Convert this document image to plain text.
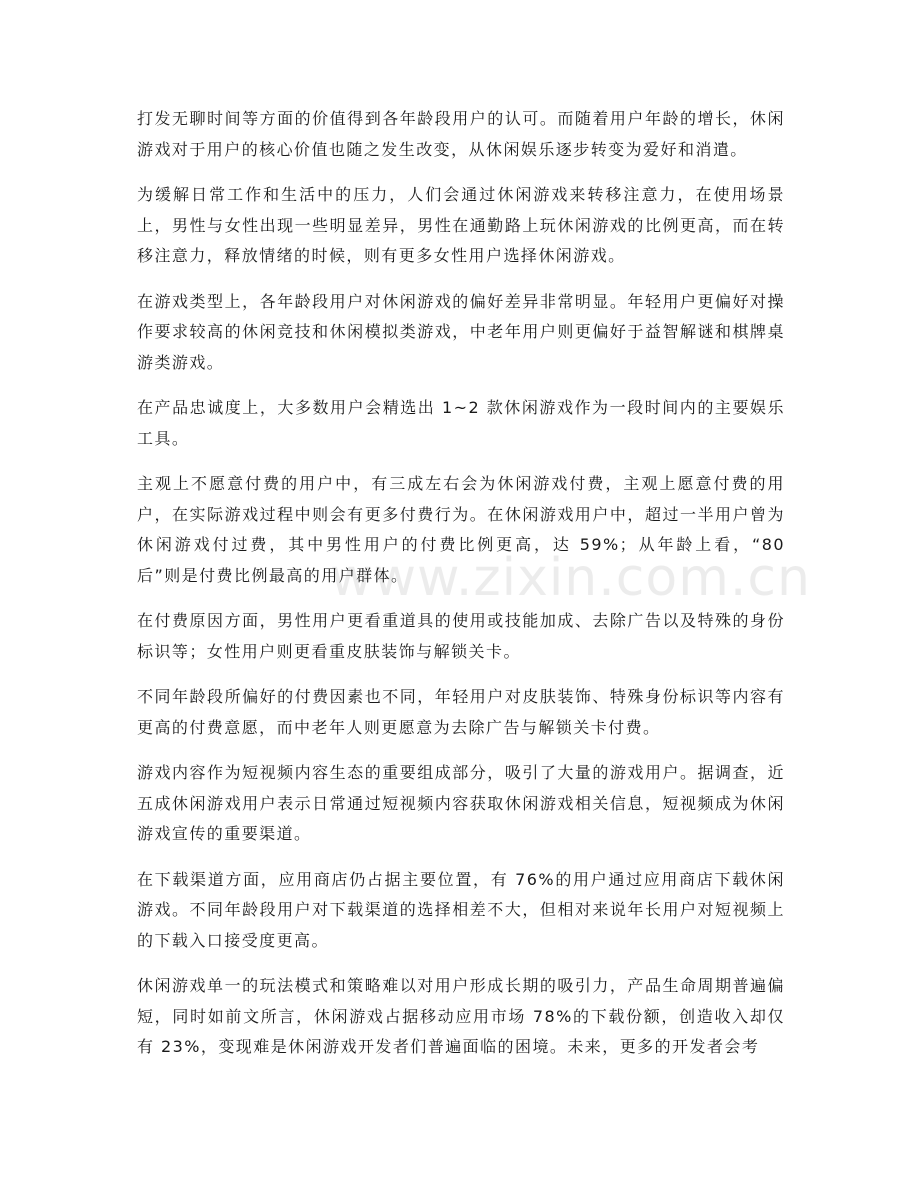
www.zixin.com.cn

打发无聊时间等方面的价值得到各年龄段用户的认可。而随着用户年龄的增长，休闲游戏对于用户的核心价值也随之发生改变，从休闲娱乐逐步转变为爱好和消遣。

为缓解日常工作和生活中的压力，人们会通过休闲游戏来转移注意力，在使用场景上，男性与女性出现一些明显差异，男性在通勤路上玩休闲游戏的比例更高，而在转移注意力，释放情绪的时候，则有更多女性用户选择休闲游戏。

在游戏类型上，各年龄段用户对休闲游戏的偏好差异非常明显。年轻用户更偏好对操作要求较高的休闲竞技和休闲模拟类游戏，中老年用户则更偏好于益智解谜和棋牌桌游类游戏。

在产品忠诚度上，大多数用户会精选出 1~2 款休闲游戏作为一段时间内的主要娱乐工具。

主观上不愿意付费的用户中，有三成左右会为休闲游戏付费，主观上愿意付费的用户，在实际游戏过程中则会有更多付费行为。在休闲游戏用户中，超过一半用户曾为休闲游戏付过费，其中男性用户的付费比例更高，达 59%；从年龄上看，“80 后”则是付费比例最高的用户群体。

在付费原因方面，男性用户更看重道具的使用或技能加成、去除广告以及特殊的身份标识等；女性用户则更看重皮肤装饰与解锁关卡。

不同年龄段所偏好的付费因素也不同，年轻用户对皮肤装饰、特殊身份标识等内容有更高的付费意愿，而中老年人则更愿意为去除广告与解锁关卡付费。

游戏内容作为短视频内容生态的重要组成部分，吸引了大量的游戏用户。据调查，近五成休闲游戏用户表示日常通过短视频内容获取休闲游戏相关信息，短视频成为休闲游戏宣传的重要渠道。

在下载渠道方面，应用商店仍占据主要位置，有 76%的用户通过应用商店下载休闲游戏。不同年龄段用户对下载渠道的选择相差不大，但相对来说年长用户对短视频上的下载入口接受度更高。

休闲游戏单一的玩法模式和策略难以对用户形成长期的吸引力，产品生命周期普遍偏短，同时如前文所言，休闲游戏占据移动应用市场 78%的下载份额，创造收入却仅有 23%，变现难是休闲游戏开发者们普遍面临的困境。未来，更多的开发者会考
